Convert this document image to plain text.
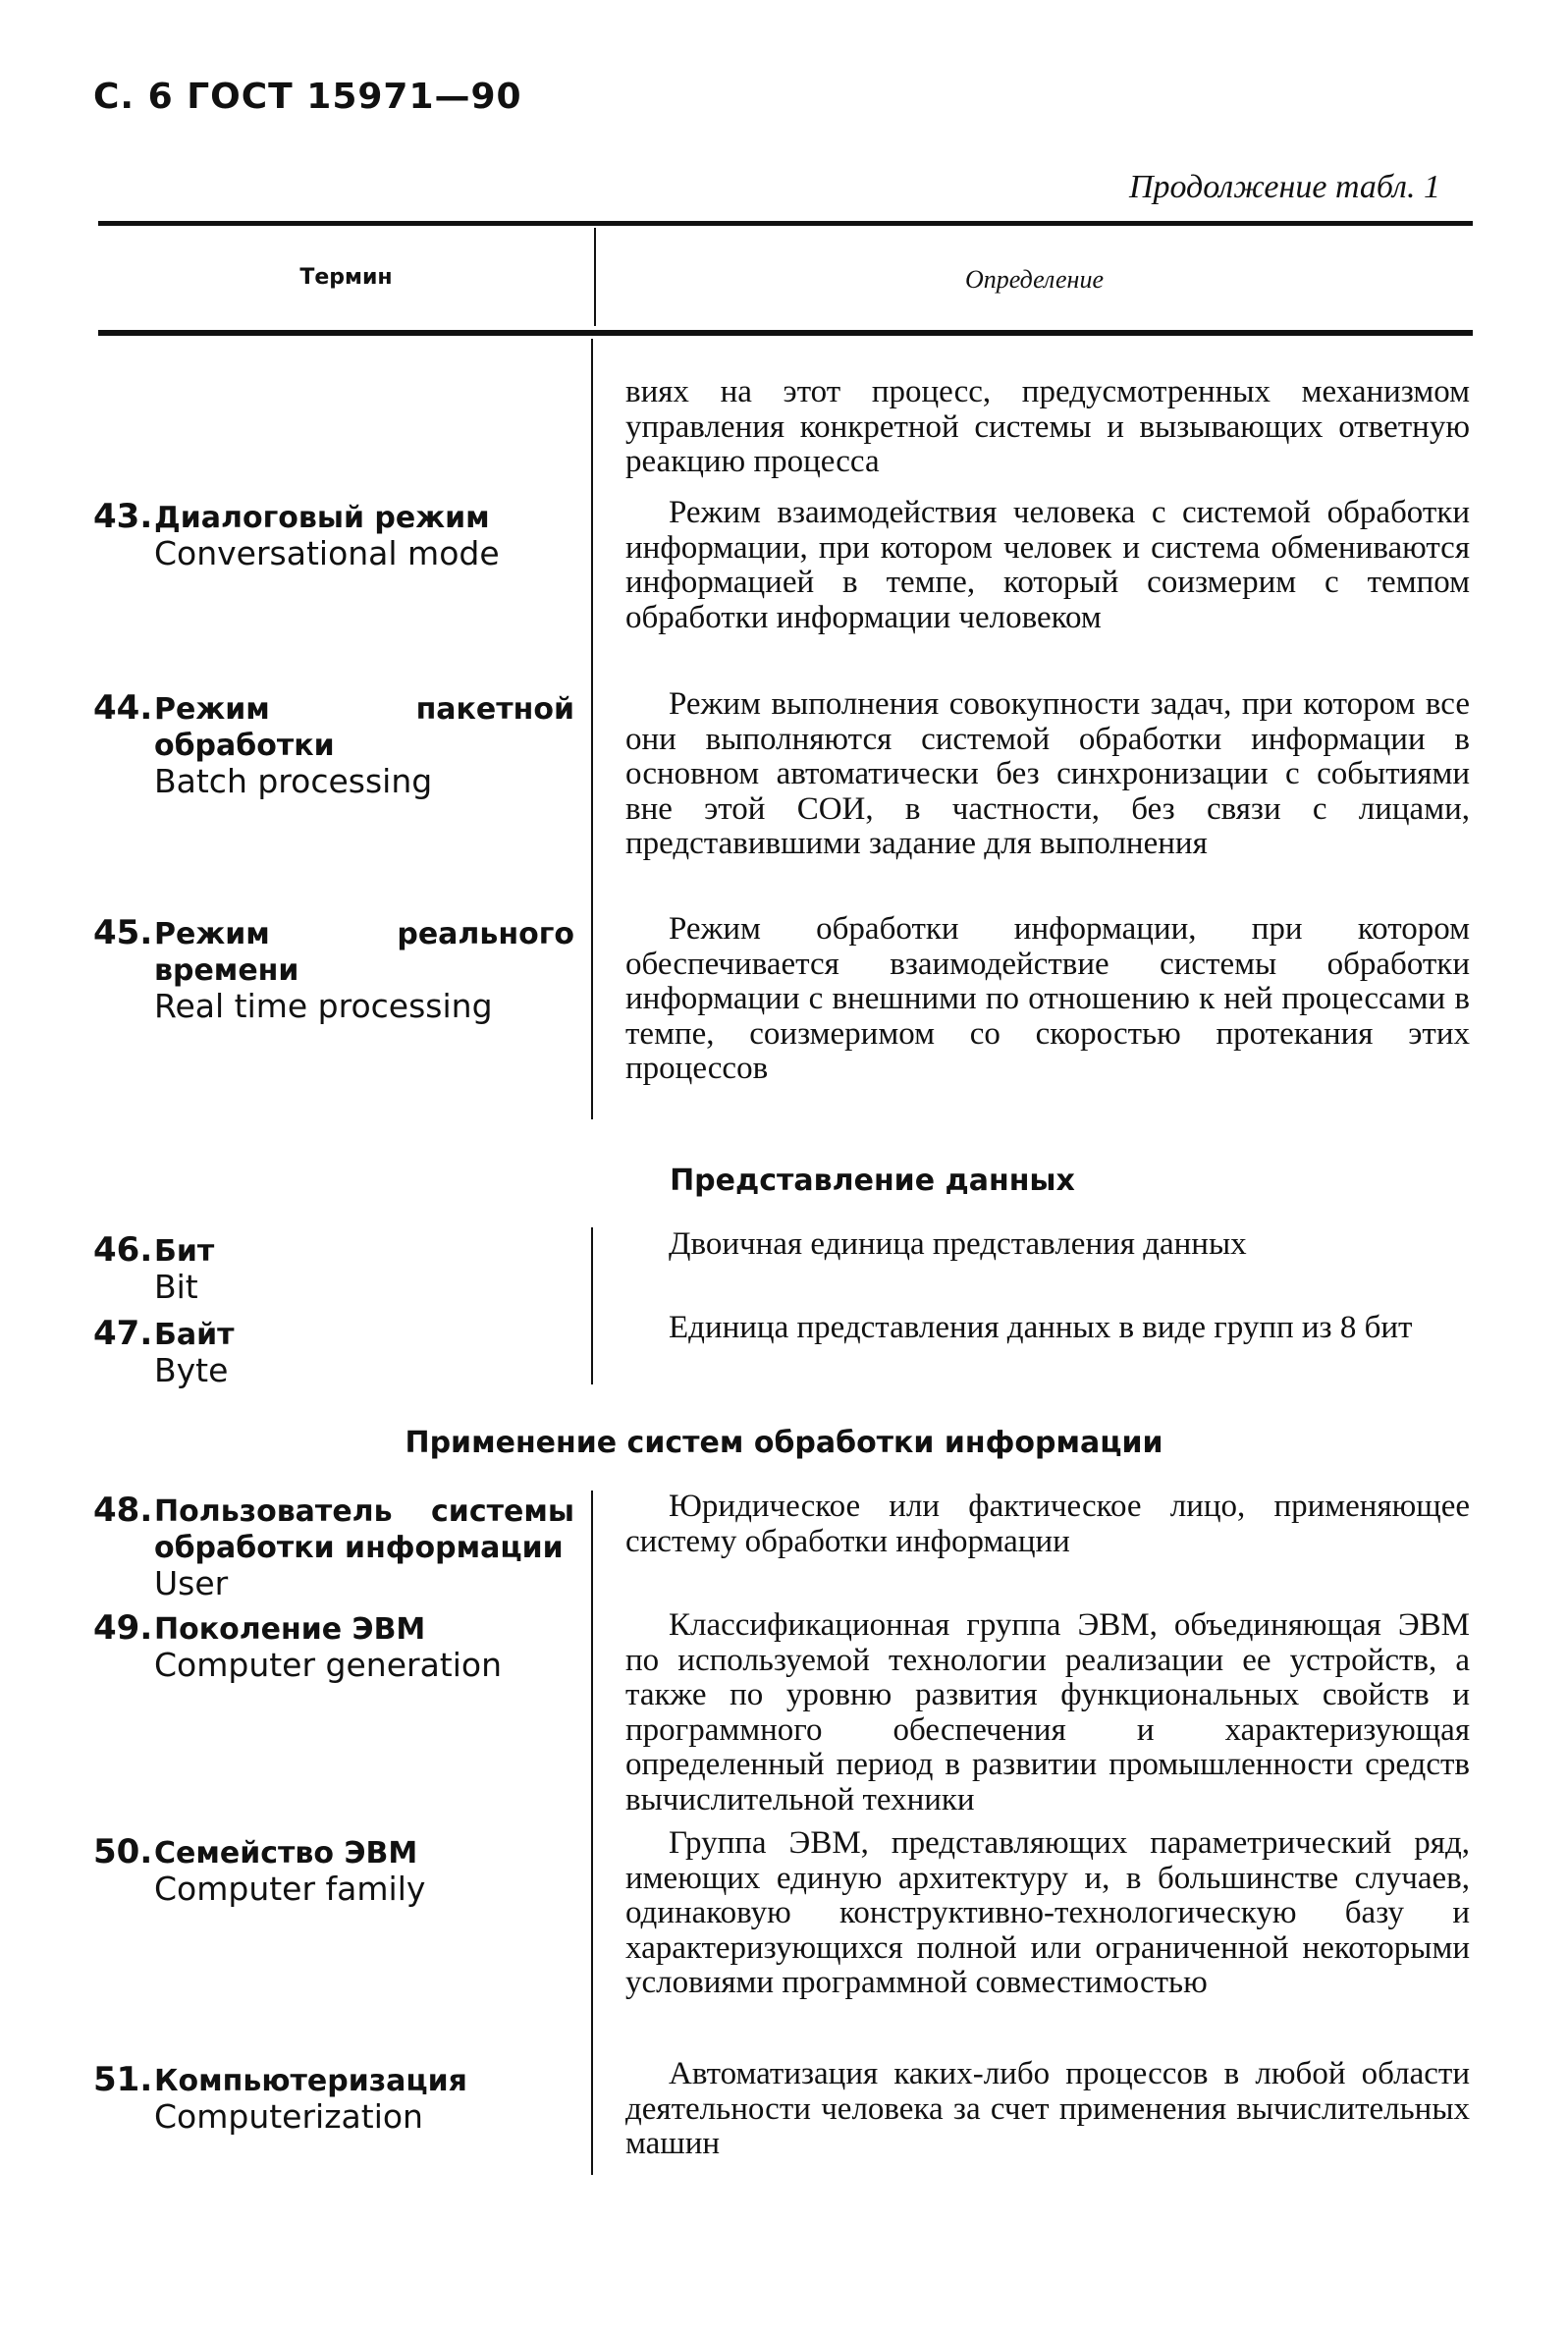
С. 6 ГОСТ 15971—90
Продолжение табл. 1
Термин	Определение
виях на этот процесс, предусмотренных механизмом управления конкретной системы и вызывающих ответную реакцию процесса
43.Диалоговый режим
Conversational mode
Режим взаимодействия человека с системой обработки информации, при котором человек и система обмениваются информацией в темпе, который соизмерим с темпом обработки информации человеком
44.Режим пакетной обработки
Batch processing
Режим выполнения совокупности задач, при котором все они выполняются системой обработки информации в основном автоматически без синхронизации с событиями вне этой СОИ, в частности, без связи с лицами, представившими задание для выполнения
45.Режим реального времени
Real time processing
Режим обработки информации, при котором обеспечивается взаимодействие системы обработки информации с внешними по отношению к ней процессами в темпе, соизмеримом со скоростью протекания этих процессов
Представление данных
46.Бит
Bit
Двоичная единица представления данных
47.Байт
Byte
Единица представления данных в виде групп из 8 бит
Применение систем обработки информации
48.Пользователь системы обработки информации
User
Юридическое или фактическое лицо, применяющее систему обработки информации
49.Поколение ЭВМ
Computer generation
Классификационная группа ЭВМ, объединяющая ЭВМ по используемой технологии реализации ее устройств, а также по уровню развития функциональных свойств и программного обеспечения и характеризующая определенный период в развитии промышленности средств вычислительной техники
50.Семейство ЭВМ
Computer family
Группа ЭВМ, представляющих параметрический ряд, имеющих единую архитектуру и, в большинстве случаев, одинаковую конструктивно-технологическую базу и характеризующихся полной или ограниченной некоторыми условиями программной совместимостью
51.Компьютеризация
Computerization
Автоматизация каких-либо процессов в любой области деятельности человека за счет применения вычислительных машин
